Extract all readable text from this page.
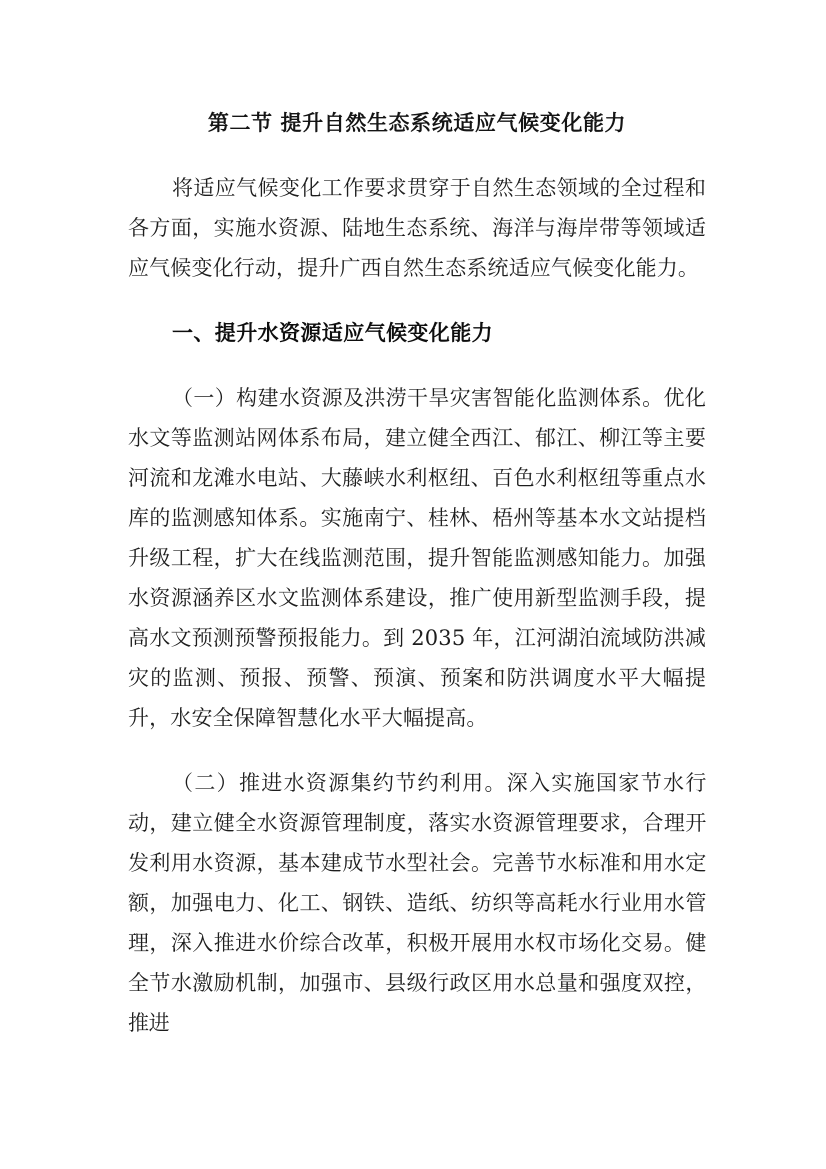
第二节 提升自然生态系统适应气候变化能力

将适应气候变化工作要求贯穿于自然生态领域的全过程和各方面，实施水资源、陆地生态系统、海洋与海岸带等领域适应气候变化行动，提升广西自然生态系统适应气候变化能力。

一、提升水资源适应气候变化能力

（一）构建水资源及洪涝干旱灾害智能化监测体系。优化水文等监测站网体系布局，建立健全西江、郁江、柳江等主要河流和龙滩水电站、大藤峡水利枢纽、百色水利枢纽等重点水库的监测感知体系。实施南宁、桂林、梧州等基本水文站提档升级工程，扩大在线监测范围，提升智能监测感知能力。加强水资源涵养区水文监测体系建设，推广使用新型监测手段，提高水文预测预警预报能力。到 2035 年，江河湖泊流域防洪减灾的监测、预报、预警、预演、预案和防洪调度水平大幅提升，水安全保障智慧化水平大幅提高。

（二）推进水资源集约节约利用。深入实施国家节水行动，建立健全水资源管理制度，落实水资源管理要求，合理开发利用水资源，基本建成节水型社会。完善节水标准和用水定额，加强电力、化工、钢铁、造纸、纺织等高耗水行业用水管理，深入推进水价综合改革，积极开展用水权市场化交易。健全节水激励机制，加强市、县级行政区用水总量和强度双控，推进
